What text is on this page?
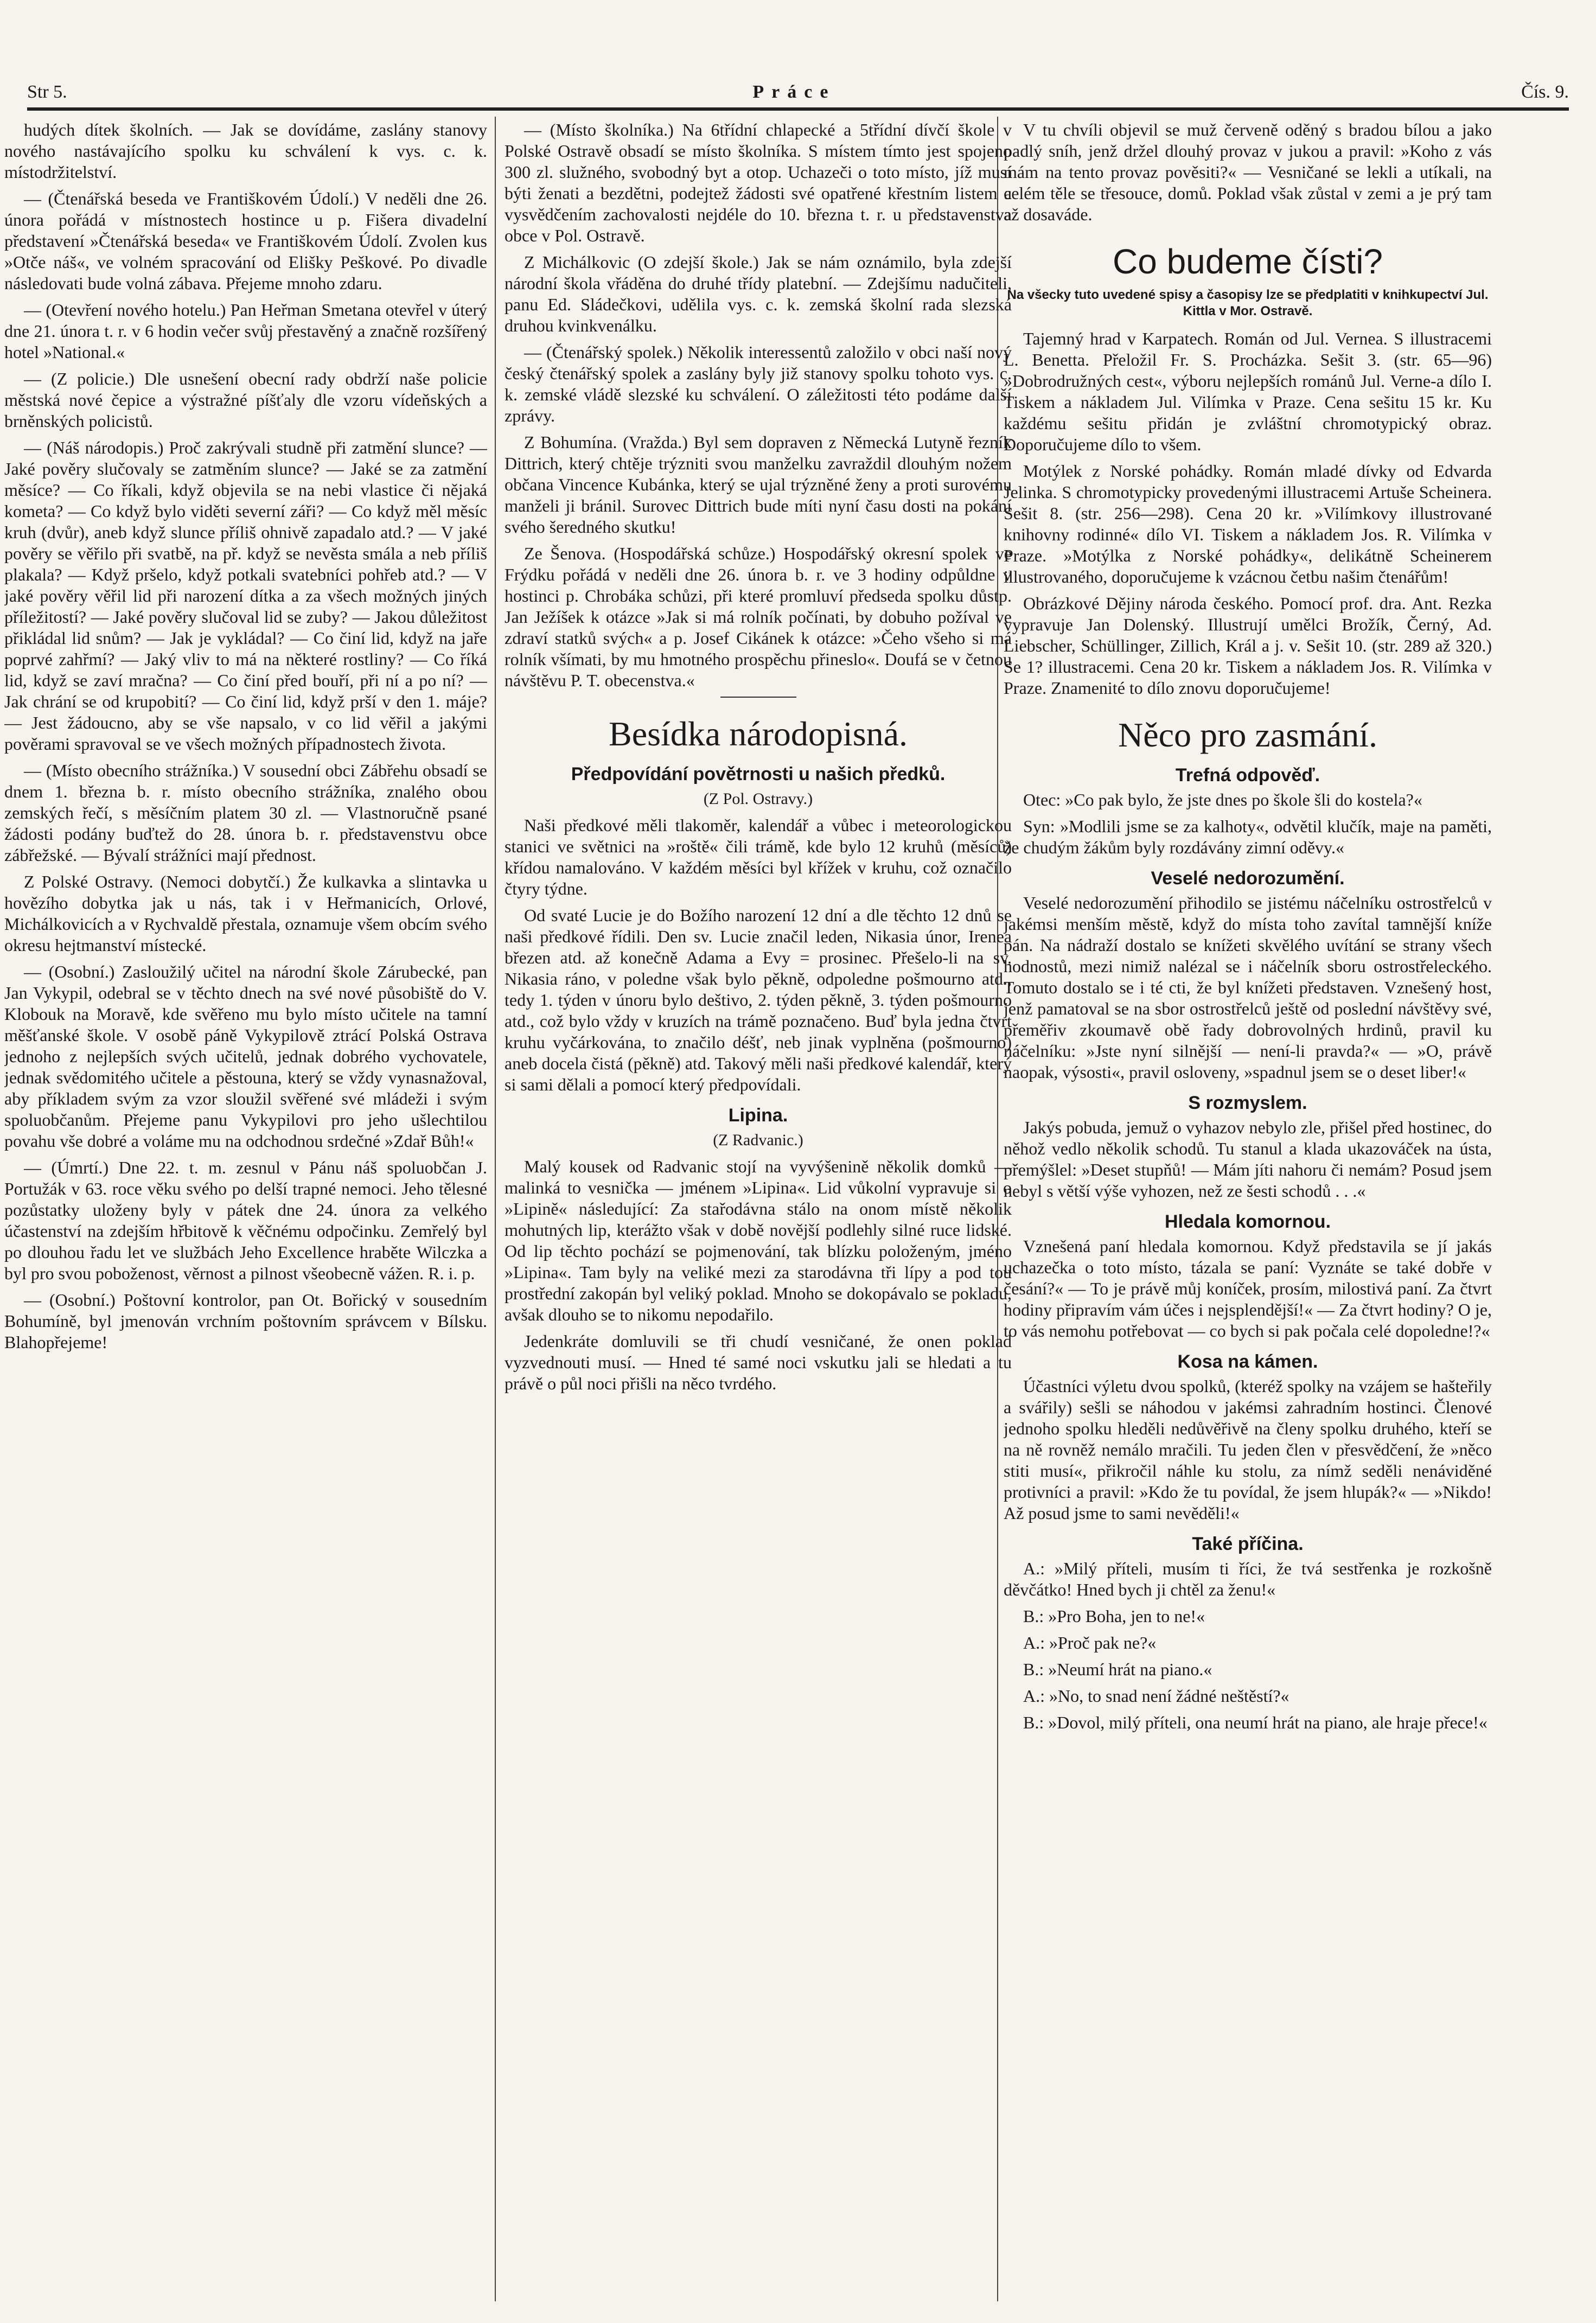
Str 5.	Práce	Čís. 9.

hudých dítek školních. — Jak se dovídáme, zaslány stanovy nového nastávajícího spolku ku schválení k vys. c. k. místodržitelství.

— (Čtenářská beseda ve Františkovém Údolí.) V neděli dne 26. února pořádá v místnostech hostince u p. Fišera divadelní představení »Čtenářská beseda« ve Františkovém Údolí. Zvolen kus »Otče náš«, ve volném spracování od Elišky Peškové. Po divadle následovati bude volná zábava. Přejeme mnoho zdaru.

— (Otevření nového hotelu.) Pan Heřman Smetana otevřel v úterý dne 21. února t. r. v 6 hodin večer svůj přestavěný a značně rozšířený hotel »National.«

— (Z policie.) Dle usnešení obecní rady obdrží naše policie městská nové čepice a výstražné píšťaly dle vzoru vídeňských a brněnských policistů.

— (Náš národopis.) Proč zakrývali studně při zatmění slunce? — Jaké pověry slučovaly se zatměním slunce? — Jaké se za zatmění měsíce? — Co říkali, když objevila se na nebi vlastice či nějaká kometa? — Co když bylo viděti severní záři? — Co když měl měsíc kruh (dvůr), aneb když slunce příliš ohnivě zapadalo atd.? — V jaké pověry se věřilo při svatbě, na př. když se nevěsta smála a neb příliš plakala? — Když pršelo, když potkali svatebníci pohřeb atd.? — V jaké pověry věřil lid při narození dítka a za všech možných jiných příležitostí? — Jaké pověry slučoval lid se zuby? — Jakou důležitost přikládal lid snům? — Jak je vykládal? — Co činí lid, když na jaře poprvé zahřmí? — Jaký vliv to má na některé rostliny? — Co říká lid, když se zaví mračna? — Co činí před bouří, při ní a po ní? — Jak chrání se od krupobití? — Co činí lid, když prší v den 1. máje? — Jest žádoucno, aby se vše napsalo, v co lid věřil a jakými pověrami spravoval se ve všech možných případnostech života.

— (Místo obecního strážníka.) V sousední obci Zábřehu obsadí se dnem 1. března b. r. místo obecního strážníka, znalého obou zemských řečí, s měsíčním platem 30 zl. — Vlastnoručně psané žádosti podány buďtež do 28. února b. r. představenstvu obce zábřežské. — Bývalí strážníci mají přednost.

Z Polské Ostravy. (Nemoci dobytčí.) Že kulkavka a slintavka u hovězího dobytka jak u nás, tak i v Heřmanicích, Orlové, Michálkovicích a v Rychvaldě přestala, oznamuje všem obcím svého okresu hejtmanství místecké.

— (Osobní.) Zasloužilý učitel na národní škole Zárubecké, pan Jan Vykypil, odebral se v těchto dnech na své nové působiště do V. Klobouk na Moravě, kde svěřeno mu bylo místo učitele na tamní měšťanské škole. V osobě páně Vykypilově ztrácí Polská Ostrava jednoho z nejlepších svých učitelů, jednak dobrého vychovatele, jednak svědomitého učitele a pěstouna, který se vždy vynasnažoval, aby příkladem svým za vzor sloužil svěřené své mládeži i svým spoluobčanům. Přejeme panu Vykypilovi pro jeho ušlechtilou povahu vše dobré a voláme mu na odchodnou srdečné »Zdař Bůh!«

— (Úmrtí.) Dne 22. t. m. zesnul v Pánu náš spoluobčan J. Portužák v 63. roce věku svého po delší trapné nemoci. Jeho tělesné pozůstatky uloženy byly v pátek dne 24. února za velkého účastenství na zdejším hřbitově k věčnému odpočinku. Zemřelý byl po dlouhou řadu let ve službách Jeho Excellence hraběte Wilczka a byl pro svou poboženost, věrnost a pilnost všeobecně vážen. R. i. p.

— (Osobní.) Poštovní kontrolor, pan Ot. Bořický v sousedním Bohumíně, byl jmenován vrchním poštovním správcem v Bílsku. Blahopřejeme!

— (Místo školníka.) Na 6třídní chlapecké a 5třídní dívčí škole v Polské Ostravě obsadí se místo školníka. S místem tímto jest spojeno 300 zl. služného, svobodný byt a otop. Uchazeči o toto místo, jíž musí býti ženati a bezdětni, podejtež žádosti své opatřené křestním listem a vysvědčením zachovalosti nejdéle do 10. března t. r. u představenstva obce v Pol. Ostravě.

Z Michálkovic (O zdejší škole.) Jak se nám oznámilo, byla zdejší národní škola vřáděna do druhé třídy platební. — Zdejšímu nadučiteli, panu Ed. Sládečkovi, udělila vys. c. k. zemská školní rada slezská druhou kvinkvenálku.

— (Čtenářský spolek.) Několik interessentů založilo v obci naší nový český čtenářský spolek a zaslány byly již stanovy spolku tohoto vys. c. k. zemské vládě slezské ku schválení. O záležitosti této podáme další zprávy.

Z Bohumína. (Vražda.) Byl sem dopraven z Německá Lutyně řezník Dittrich, který chtěje trýzniti svou manželku zavraždil dlouhým nožem občana Vincence Kubánka, který se ujal trýzněné ženy a proti surovému manželi ji bránil. Surovec Dittrich bude míti nyní času dosti na pokání svého šeredného skutku!

Ze Šenova. (Hospodářská schůze.) Hospodářský okresní spolek ve Frýdku pořádá v neděli dne 26. února b. r. ve 3 hodiny odpůldne v hostinci p. Chrobáka schůzi, při které promluví předseda spolku důstp. Jan Ježíšek k otázce »Jak si má rolník počínati, by dobuho požíval ve zdraví statků svých« a p. Josef Cikánek k otázce: »Čeho všeho si má rolník všímati, by mu hmotného prospěchu přineslo«. Doufá se v četnou návštěvu P. T. obecenstva.«

Besídka národopisná.
Předpovídání povětrnosti u našich předků.
(Z Pol. Ostravy.)

Naši předkové měli tlakoměr, kalendář a vůbec i meteorologickou stanici ve světnici na »roště« čili trámě, kde bylo 12 kruhů (měsíců) křídou namalováno. V každém měsíci byl křížek v kruhu, což označilo čtyry týdne.

Od svaté Lucie je do Božího narození 12 dní a dle těchto 12 dnů se naši předkové řídili. Den sv. Lucie značil leden, Nikasia únor, Irenea březen atd. až konečně Adama a Evy = prosinec. Přešelo-li na sv. Nikasia ráno, v poledne však bylo pěkně, odpoledne pošmourno atd., tedy 1. týden v únoru bylo deštivo, 2. týden pěkně, 3. týden pošmourno atd., což bylo vždy v kruzích na trámě poznačeno. Buď byla jedna čtvrt kruhu vyčárkována, to značilo déšť, neb jinak vyplněna (pošmourno) aneb docela čistá (pěkně) atd. Takový měli naši předkové kalendář, který si sami dělali a pomocí který předpovídali.

Lipina.
(Z Radvanic.)

Malý kousek od Radvanic stojí na vyvýšenině několik domků — malinká to vesnička — jménem »Lipina«. Lid vůkolní vypravuje si o »Lipině« následující: Za stařodávna stálo na onom místě několik mohutných lip, kterážto však v době novější podlehly silné ruce lidské. Od lip těchto pochází se pojmenování, tak blízku položeným, jméno »Lipina«. Tam byly na veliké mezi za starodávna tři lípy a pod tou prostřední zakopán byl veliký poklad. Mnoho se dokopávalo se pokladu, avšak dlouho se to nikomu nepodařilo.

Jedenkráte domluvili se tři chudí vesničané, že onen poklad vyzvednouti musí. — Hned té samé noci vskutku jali se hledati a tu právě o půl noci přišli na něco tvrdého.

V tu chvíli objevil se muž červeně oděný s bradou bílou a jako padlý sníh, jenž držel dlouhý provaz v jukou a pravil: »Koho z vás mám na tento provaz pověsiti?« — Vesničané se lekli a utíkali, na celém těle se třesouce, domů. Poklad však zůstal v zemi a je prý tam až dosaváde.

Co budeme čísti?
Na všecky tuto uvedené spisy a časopisy lze se předplatiti v knihkupectví Jul. Kittla v Mor. Ostravě.

Tajemný hrad v Karpatech. Román od Jul. Vernea. S illustracemi L. Benetta. Přeložil Fr. S. Procházka. Sešit 3. (str. 65—96) »Dobrodružných cest«, výboru nejlepších románů Jul. Verne-a dílo I. Tiskem a nákladem Jul. Vilímka v Praze. Cena sešitu 15 kr. Ku každému sešitu přidán je zvláštní chromotypický obraz. Doporučujeme dílo to všem.

Motýlek z Norské pohádky. Román mladé dívky od Edvarda Jelinka. S chromotypicky provedenými illustracemi Artuše Scheinera. Sešit 8. (str. 256—298). Cena 20 kr. »Vilímkovy illustrované knihovny rodinné« dílo VI. Tiskem a nákladem Jos. R. Vilímka v Praze. »Motýlka z Norské pohádky«, delikátně Scheinerem illustrovaného, doporučujeme k vzácnou četbu našim čtenářům!

Obrázkové Dějiny národa českého. Pomocí prof. dra. Ant. Rezka vypravuje Jan Dolenský. Illustrují umělci Brožík, Černý, Ad. Liebscher, Schüllinger, Zillich, Král a j. v. Sešit 10. (str. 289 až 320.) Se 1? illustracemi. Cena 20 kr. Tiskem a nákladem Jos. R. Vilímka v Praze. Znamenité to dílo znovu doporučujeme!

Něco pro zasmání.
Trefná odpověď.

Otec: »Co pak bylo, že jste dnes po škole šli do kostela?«

Syn: »Modlili jsme se za kalhoty«, odvětil klučík, maje na paměti, že chudým žákům byly rozdávány zimní oděvy.«

Veselé nedorozumění.

Veselé nedorozumění přihodilo se jistému náčelníku ostrostřelců v jakémsi menším městě, když do místa toho zavítal tamnější kníže pán. Na nádraží dostalo se knížeti skvělého uvítání se strany všech hodnostů, mezi nimiž nalézal se i náčelník sboru ostrostřeleckého. Tomuto dostalo se i té cti, že byl knížeti představen. Vznešený host, jenž pamatoval se na sbor ostrostřelců ještě od poslední návštěvy své, přeměřiv zkoumavě obě řady dobrovolných hrdinů, pravil ku náčelníku: »Jste nyní silnější — není-li pravda?« — »O, právě naopak, výsosti«, pravil osloveny, »spadnul jsem se o deset liber!«

S rozmyslem.

Jakýs pobuda, jemuž o vyhazov nebylo zle, přišel před hostinec, do něhož vedlo několik schodů. Tu stanul a klada ukazováček na ústa, přemýšlel: »Deset stupňů! — Mám jíti nahoru či nemám? Posud jsem nebyl s větší výše vyhozen, než ze šesti schodů . . .«

Hledala komornou.

Vznešená paní hledala komornou. Když představila se jí jakás uchazečka o toto místo, tázala se paní: Vyznáte se také dobře v česání?« — To je právě můj koníček, prosím, milostivá paní. Za čtvrt hodiny připravím vám účes i nejsplendější!« — Za čtvrt hodiny? O je, to vás nemohu potřebovat — co bych si pak počala celé dopoledne!?«

Kosa na kámen.

Účastníci výletu dvou spolků, (kteréž spolky na vzájem se hašteřily a svářily) sešli se náhodou v jakémsi zahradním hostinci. Členové jednoho spolku hleděli nedůvěřivě na členy spolku druhého, kteří se na ně rovněž nemálo mračili. Tu jeden člen v přesvědčení, že »něco stiti musí«, přikročil náhle ku stolu, za nímž seděli nenáviděné protivníci a pravil: »Kdo že tu povídal, že jsem hlupák?« — »Nikdo! Až posud jsme to sami nevěděli!«

Také příčina.

A.: »Milý příteli, musím ti říci, že tvá sestřenka je rozkošně děvčátko! Hned bych ji chtěl za ženu!«

B.: »Pro Boha, jen to ne!«

A.: »Proč pak ne?«

B.: »Neumí hrát na piano.«

A.: »No, to snad není žádné neštěstí?«

B.: »Dovol, milý příteli, ona neumí hrát na piano, ale hraje přece!«
